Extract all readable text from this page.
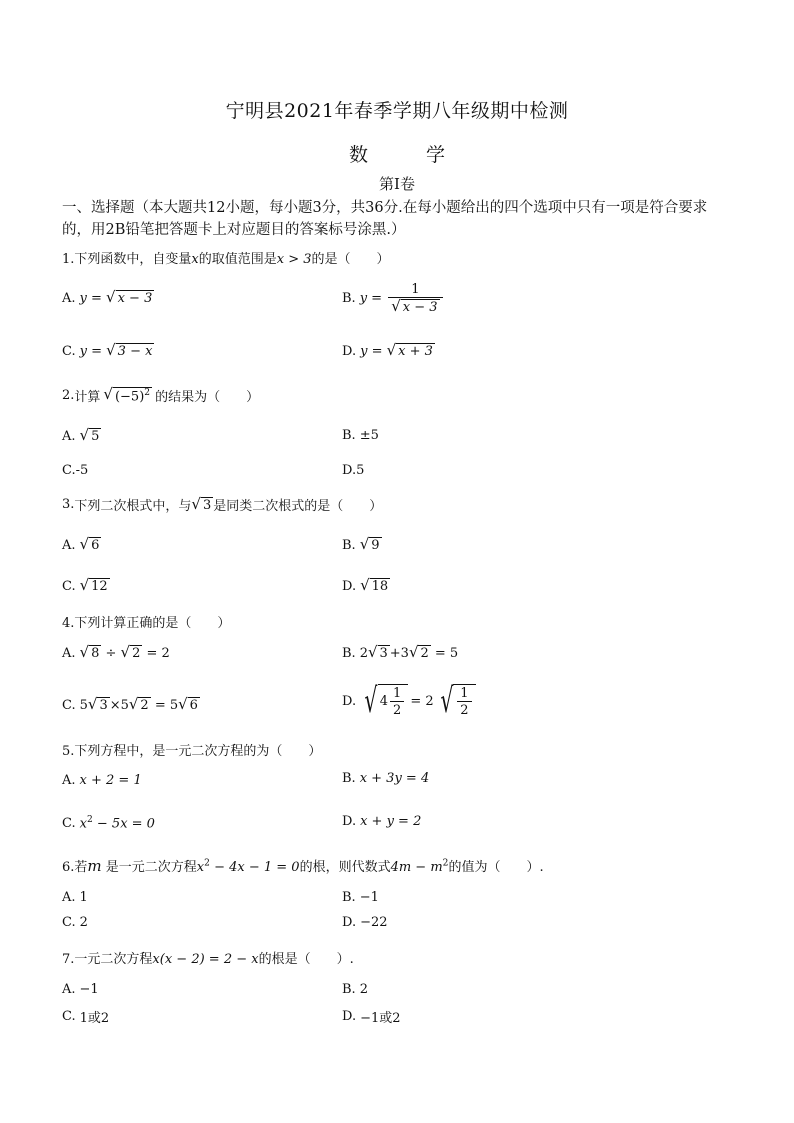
宁明县2021年春季学期八年级期中检测
数 学
第Ⅰ卷
一、选择题（本大题共12小题，每小题3分，共36分.在每小题给出的四个选项中只有一项是符合要求的，用2B铅笔把答题卡上对应题目的答案标号涂黑.）
1.下列函数中，自变量x的取值范围是x > 3的是（　　）
A. y = √ x − 3	B. $y = \frac{1}{√ x - 3}$
C. y = √ 3 − x	D. y = √ x + 3
2. 计算 √ $(-5)^2$ 的结果为（　　）
A. √ 5	B. ±5
C. -5	D. 5
3. 下列二次根式中，与 √ 3 是同类二次根式的是（　　）
A. √ 6	B. √ 9
C. √ 12	D. √ 18
4.下列计算正确的是（　　）
A. √ 8 ÷ √ 2 = 2	B. 2 √ 3 +3 √ 2 = 5
C. 5 √ 3 ×5 √ 2 = 5 √ 6	D. √ $4 \frac{1}{2} = 2$ √ $\frac{1}{2}$
5.下列方程中，是一元二次方程的为（　　）
A. x + 2 = 1	B. x + 3y = 4
C. $x^2 - 5x = 0$	D. x + y = 2
6.若m 是一元二次方程$x^2 - 4x - 1 = 0$的根，则代数式$4m - m^2$的值为（　　）.
A. 1	B. −1
C. 2	D. −22
7.一元二次方程x(x − 2) = 2 − x的根是（　　）.
A. −1	B. 2
C. 1或2	D. −1或2
